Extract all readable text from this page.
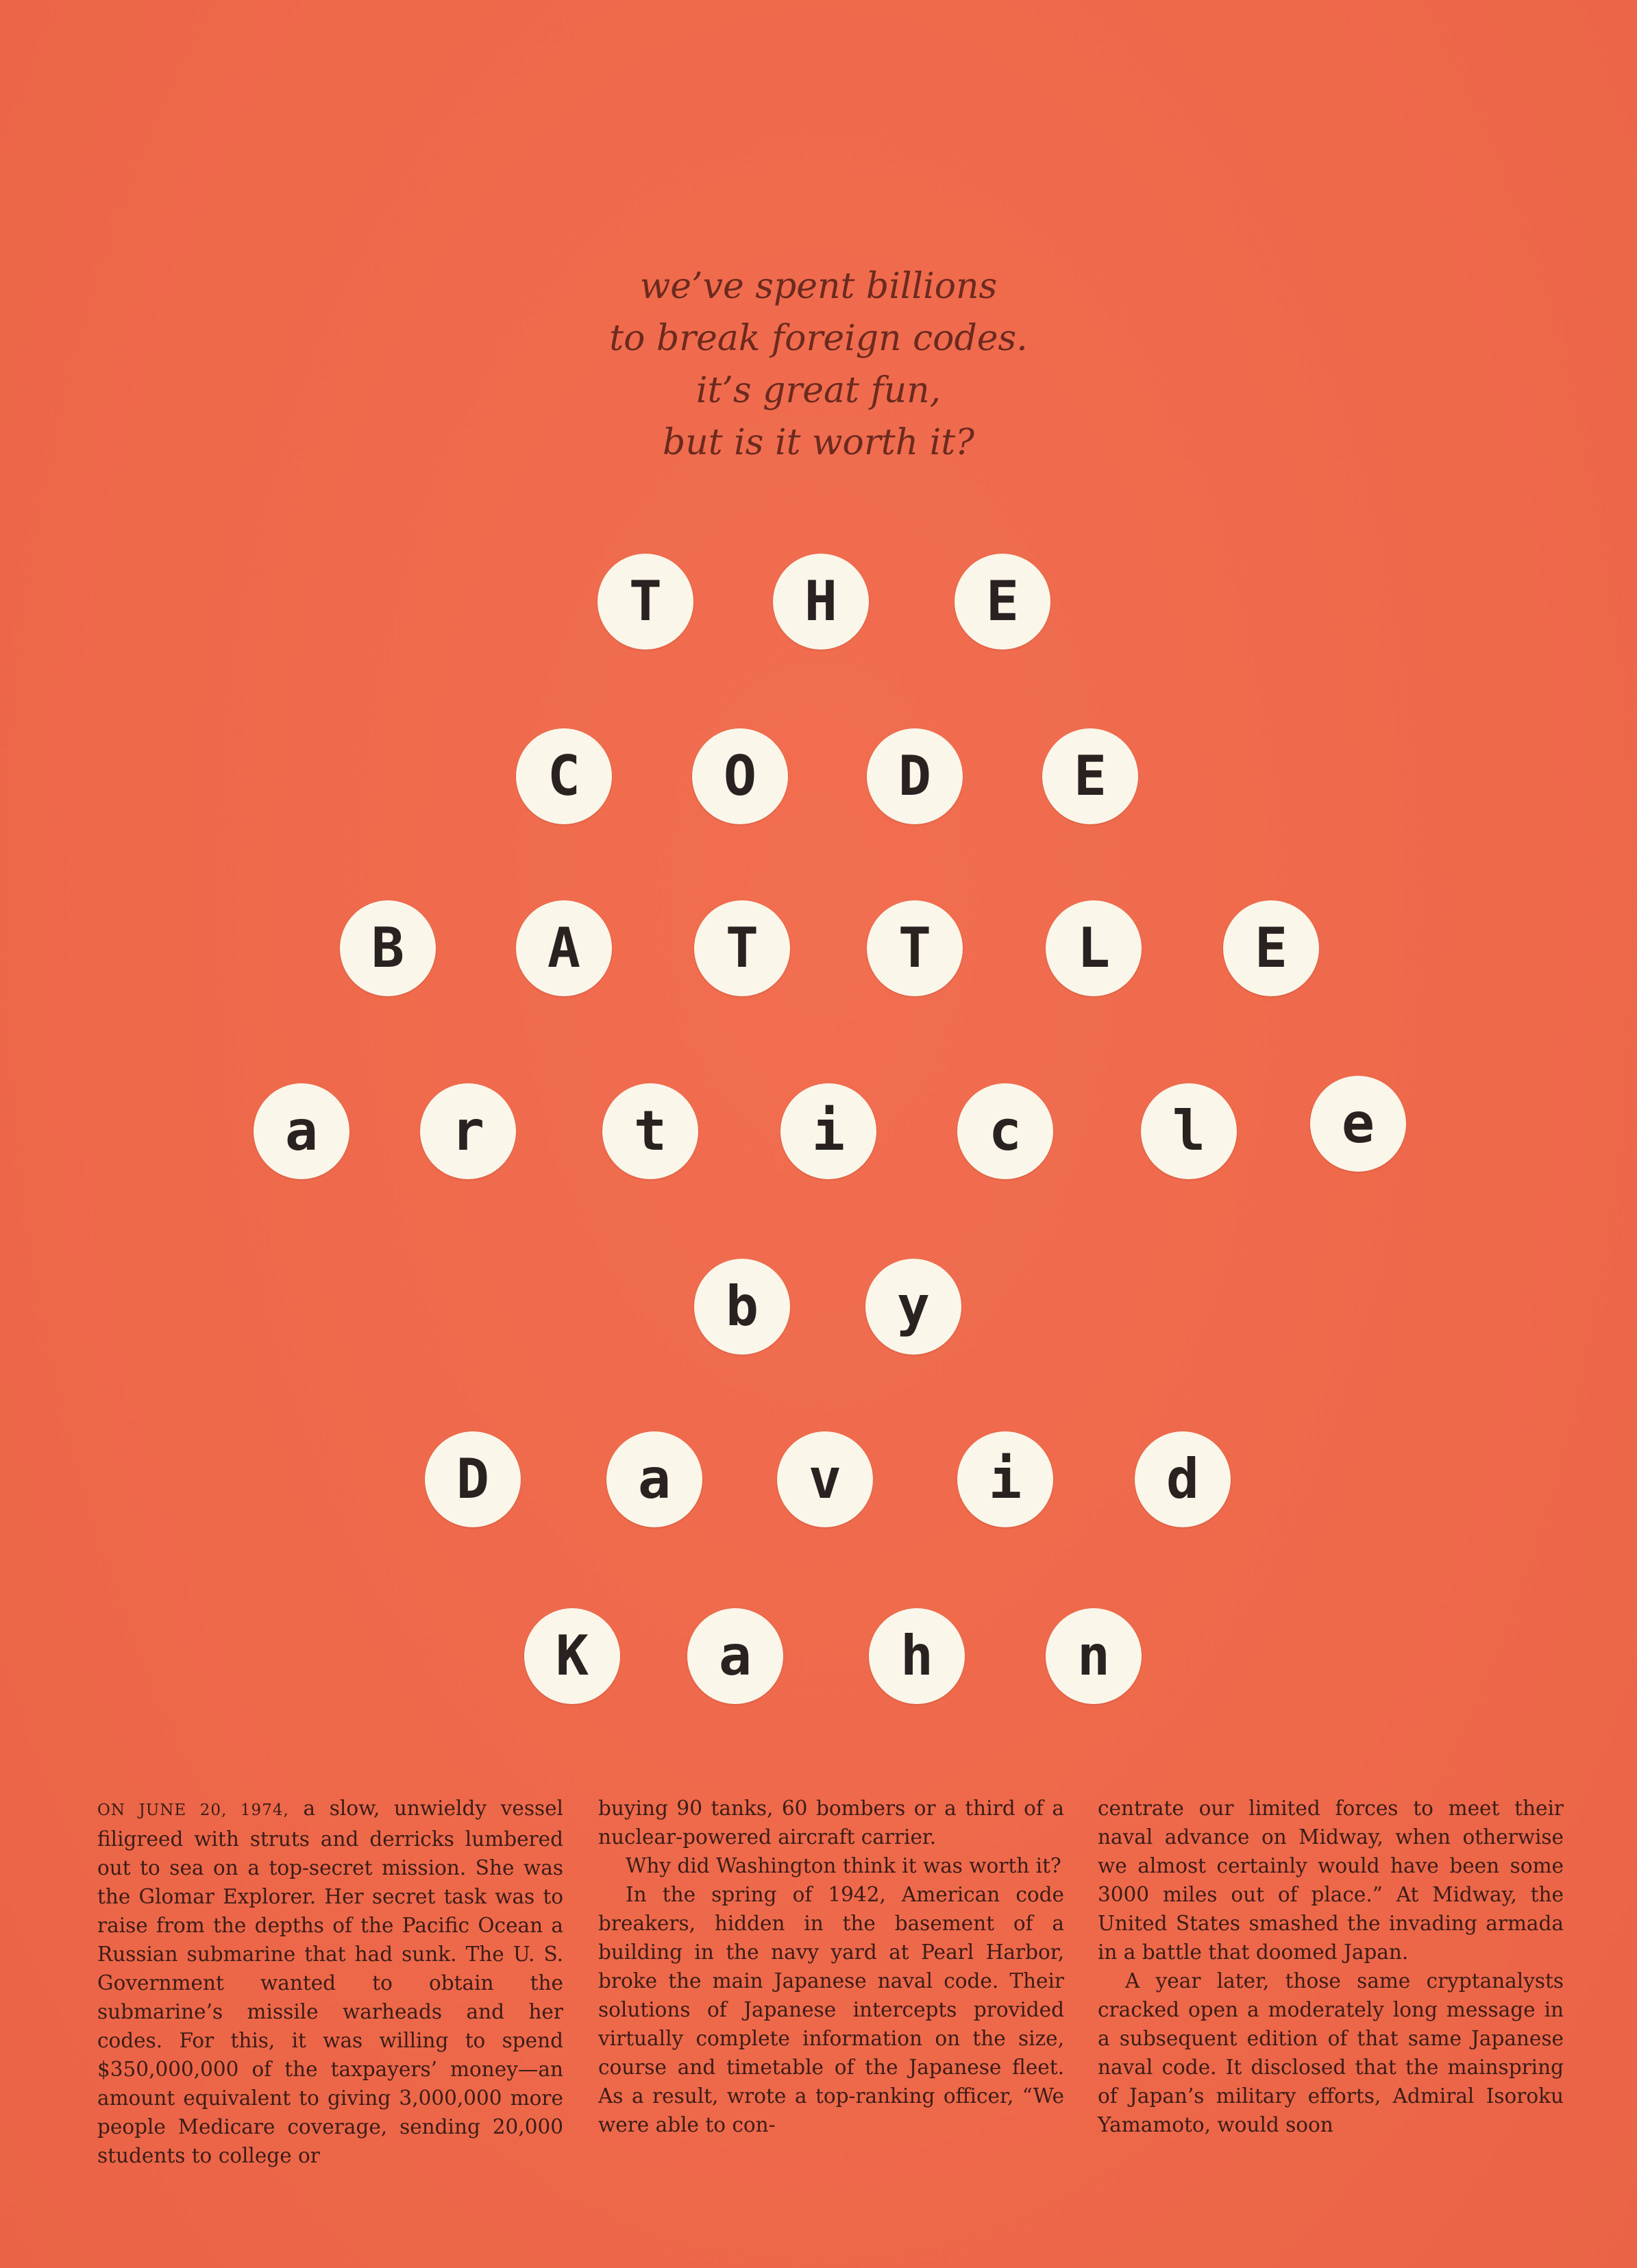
we’ve spent billions
to break foreign codes.
it’s great fun,
but is it worth it?
T	H	E
C	O	D	E
B	A	T	T	L	E
a	r	t	i	c	l	e
b	y
D	a	v	i	d
K	a	h	n

ON JUNE 20, 1974, a slow, unwieldy vessel filigreed with struts and derricks lumbered out to sea on a top-secret mission. She was the Glomar Explorer. Her secret task was to raise from the depths of the Pacific Ocean a Russian submarine that had sunk. The U. S. Government wanted to obtain the submarine’s missile warheads and her codes. For this, it was willing to spend $350,000,000 of the taxpayers’ money—an amount equivalent to giving 3,000,000 more people Medicare coverage, sending 20,000 students to college or

buying 90 tanks, 60 bombers or a third of a nuclear-powered aircraft carrier.

Why did Washington think it was worth it?

In the spring of 1942, American code breakers, hidden in the basement of a building in the navy yard at Pearl Harbor, broke the main Japanese naval code. Their solutions of Japanese intercepts provided virtually complete information on the size, course and timetable of the Japanese fleet. As a result, wrote a top-ranking officer, “We were able to con-

centrate our limited forces to meet their naval advance on Midway, when otherwise we almost certainly would have been some 3000 miles out of place.” At Midway, the United States smashed the invading armada in a battle that doomed Japan.

A year later, those same cryptanalysts cracked open a moderately long message in a subsequent edition of that same Japanese naval code. It disclosed that the mainspring of Japan’s military efforts, Admiral Isoroku Yamamoto, would soon
